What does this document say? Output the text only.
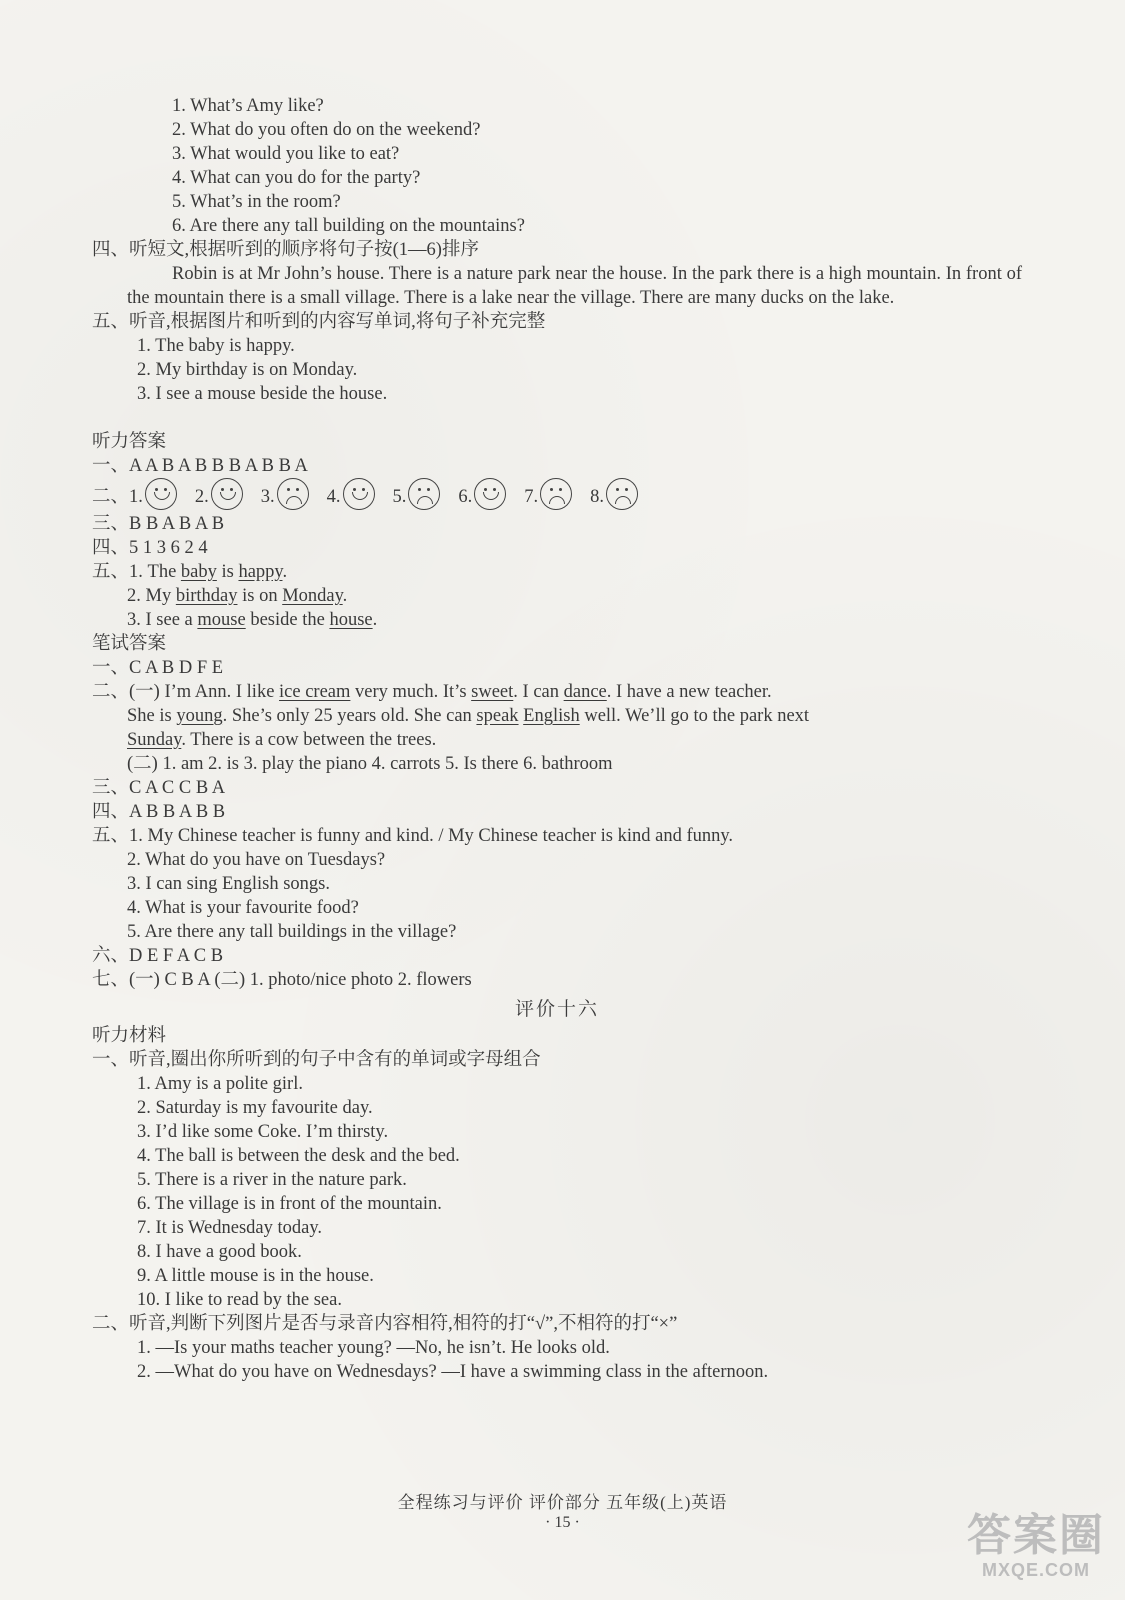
1. What’s Amy like?
2. What do you often do on the weekend?
3. What would you like to eat?
4. What can you do for the party?
5. What’s in the room?
6. Are there any tall building on the mountains?
四、听短文,根据听到的顺序将句子按(1—6)排序
Robin is at Mr John’s house. There is a nature park near the house. In the park there is a high mountain. In front of the mountain there is a small village. There is a lake near the village. There are many ducks on the lake.
五、听音,根据图片和听到的内容写单词,将句子补充完整
1. The baby is happy.
2. My birthday is on Monday.
3. I see a mouse beside the house.
听力答案
一、A A B A B B B A B B A
二、1.	2.	3.	4.	5.	6.	7.	8.
三、B B A B A B
四、5 1 3 6 2 4
五、1. The baby is happy.
2. My birthday is on Monday.
3. I see a mouse beside the house.
笔试答案
一、C A B D F E
二、(一) I’m Ann. I like ice cream very much. It’s sweet. I can dance. I have a new teacher.
She is young. She’s only 25 years old. She can speak English well. We’ll go to the park next
Sunday. There is a cow between the trees.
(二) 1. am 2. is 3. play the piano 4. carrots 5. Is there 6. bathroom
三、C A C C B A
四、A B B A B B
五、1. My Chinese teacher is funny and kind. / My Chinese teacher is kind and funny.
2. What do you have on Tuesdays?
3. I can sing English songs.
4. What is your favourite food?
5. Are there any tall buildings in the village?
六、D E F A C B
七、(一) C B A (二) 1. photo/nice photo 2. flowers
评价十六
听力材料
一、听音,圈出你所听到的句子中含有的单词或字母组合
1. Amy is a polite girl.
2. Saturday is my favourite day.
3. I’d like some Coke. I’m thirsty.
4. The ball is between the desk and the bed.
5. There is a river in the nature park.
6. The village is in front of the mountain.
7. It is Wednesday today.
8. I have a good book.
9. A little mouse is in the house.
10. I like to read by the sea.
二、听音,判断下列图片是否与录音内容相符,相符的打“√”,不相符的打“×”
1. —Is your maths teacher young? —No, he isn’t. He looks old.
2. —What do you have on Wednesdays? —I have a swimming class in the afternoon.
全程练习与评价 评价部分 五年级(上)英语
· 15 ·	答案圈
MXQE.COM
